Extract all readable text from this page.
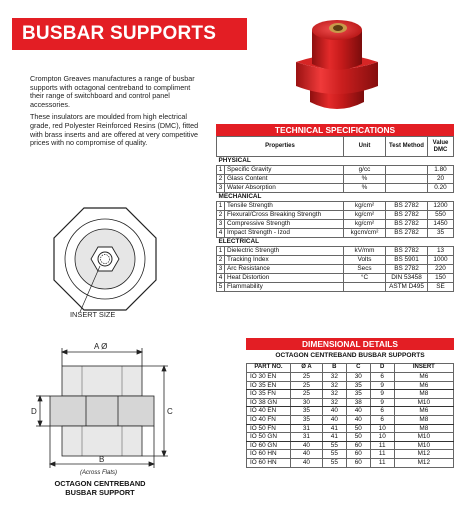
BUSBAR SUPPORTS

Crompton Greaves manufactures a range of busbar supports with octagonal centreband to compliment their range of switchboard and control panel accessories.

These insulators are moulded from high electrical grade, red Polyester Reinforced Resins (DMC), fitted with brass inserts and are offered at very competitive prices with no compromise of quality.

TECHNICAL SPECIFICATIONS
Properties		Unit	Test Method	Value DMC
PHYSICAL				
1	Specific Gravity	g/cc		1.80
2	Glass Content	%		20
3	Water Absorption	%		0.20
MECHANICAL				
1	Tensile Strength	kg/cm²	BS 2782	1200
2	Flexural/Cross Breaking Strength	kg/cm²	BS 2782	550
3	Compressive Strength	kg/cm²	BS 2782	1450
4	Impact Strength - Izod	kgcm/cm²	BS 2782	35
ELECTRICAL				
1	Dielectric Strength	kV/mm	BS 2782	13
2	Tracking Index	Volts	BS 5901	1000
3	Arc Resistance	Secs	BS 2782	220
4	Heat Distortion	°C	DIN 53458	150
5	Flammability		ASTM D495	SE
INSERT SIZE
A Ø
C
D
B
(Across Flats)
OCTAGON CENTREBAND
BUSBAR SUPPORT
DIMENSIONAL DETAILS
OCTAGON CENTREBAND BUSBAR SUPPORTS
PART NO.	Ø A	B	C	D	INSERT
IO 30 EN	25	32	30	6	M6
IO 35 EN	25	32	35	9	M6
IO 35 FN	25	32	35	9	M8
IO 38 GN	30	32	38	9	M10
IO 40 EN	35	40	40	6	M6
IO 40 FN	35	40	40	6	M8
IO 50 FN	31	41	50	10	M8
IO 50 GN	31	41	50	10	M10
IO 60 GN	40	55	60	11	M10
IO 60 HN	40	55	60	11	M12
IO 60 HN	40	55	60	11	M12
